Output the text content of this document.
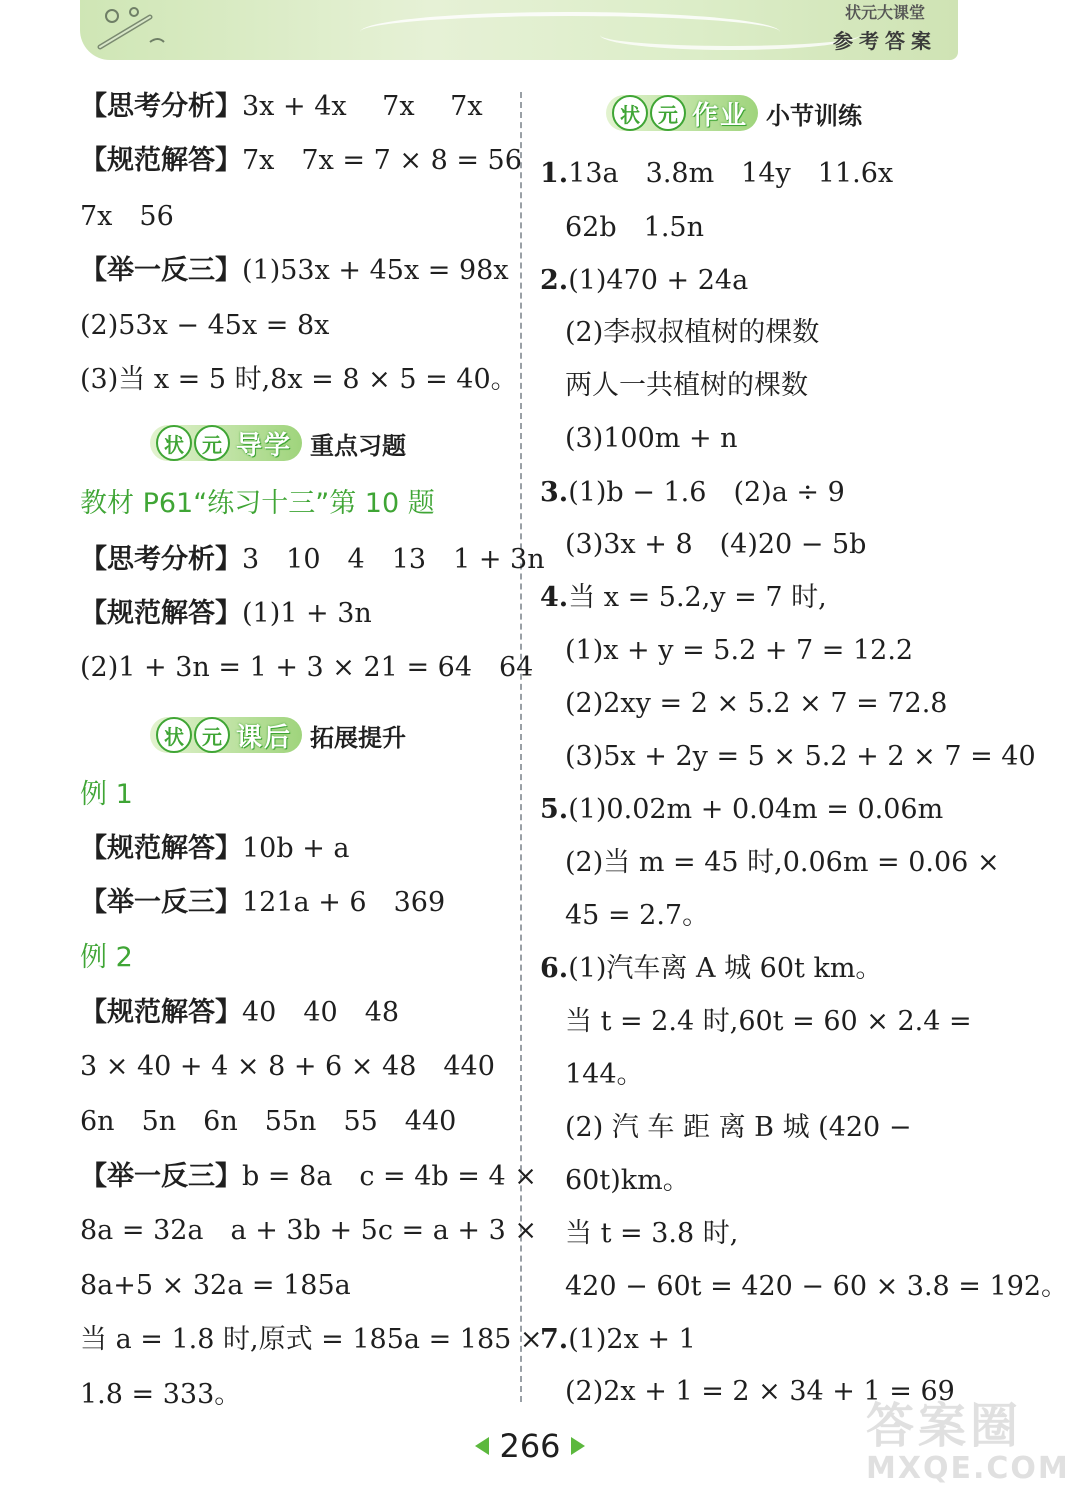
状元大课堂
参考答案
【思考分析】3x + 4x　 7x　 7x
【规范解答】7x　7x = 7 × 8 = 56
7x　56
【举一反三】(1)53x + 45x = 98x
(2)53x − 45x = 8x
(3)当 x = 5 时,8x = 8 × 5 = 40。
状 元 导学 重点习题
教材 P61“练习十三”第 10 题
【思考分析】3　10　4　13　1 + 3n
【规范解答】(1)1 + 3n
(2)1 + 3n = 1 + 3 × 21 = 64　64
状 元 课后 拓展提升
例 1
【规范解答】10b + a
【举一反三】121a + 6　369
例 2
【规范解答】40　40　48
3 × 40 + 4 × 8 + 6 × 48　440
6n　5n　6n　55n　55　440
【举一反三】b = 8a　c = 4b = 4 ×
8a = 32a　a + 3b + 5c = a + 3 ×
8a+5 × 32a = 185a
当 a = 1.8 时,原式 = 185a = 185 ×
1.8 = 333。
状 元 作业 小节训练
1.13a　3.8m　14y　11.6x
62b　1.5n
2.(1)470 + 24a
(2)李叔叔植树的棵数
两人一共植树的棵数
(3)100m + n
3.(1)b − 1.6　(2)a ÷ 9
(3)3x + 8　(4)20 − 5b
4.当 x = 5.2,y = 7 时,
(1)x + y = 5.2 + 7 = 12.2
(2)2xy = 2 × 5.2 × 7 = 72.8
(3)5x + 2y = 5 × 5.2 + 2 × 7 = 40
5.(1)0.02m + 0.04m = 0.06m
(2)当 m = 45 时,0.06m = 0.06 ×
45 = 2.7。
6.(1)汽车离 A 城 60t km。
当 t = 2.4 时,60t = 60 × 2.4 =
144。
(2) 汽 车 距 离 B 城 (420 −
60t)km。
当 t = 3.8 时,
420 − 60t = 420 − 60 × 3.8 = 192。
7.(1)2x + 1
(2)2x + 1 = 2 × 34 + 1 = 69
266	答案圈
MXQE.COM
